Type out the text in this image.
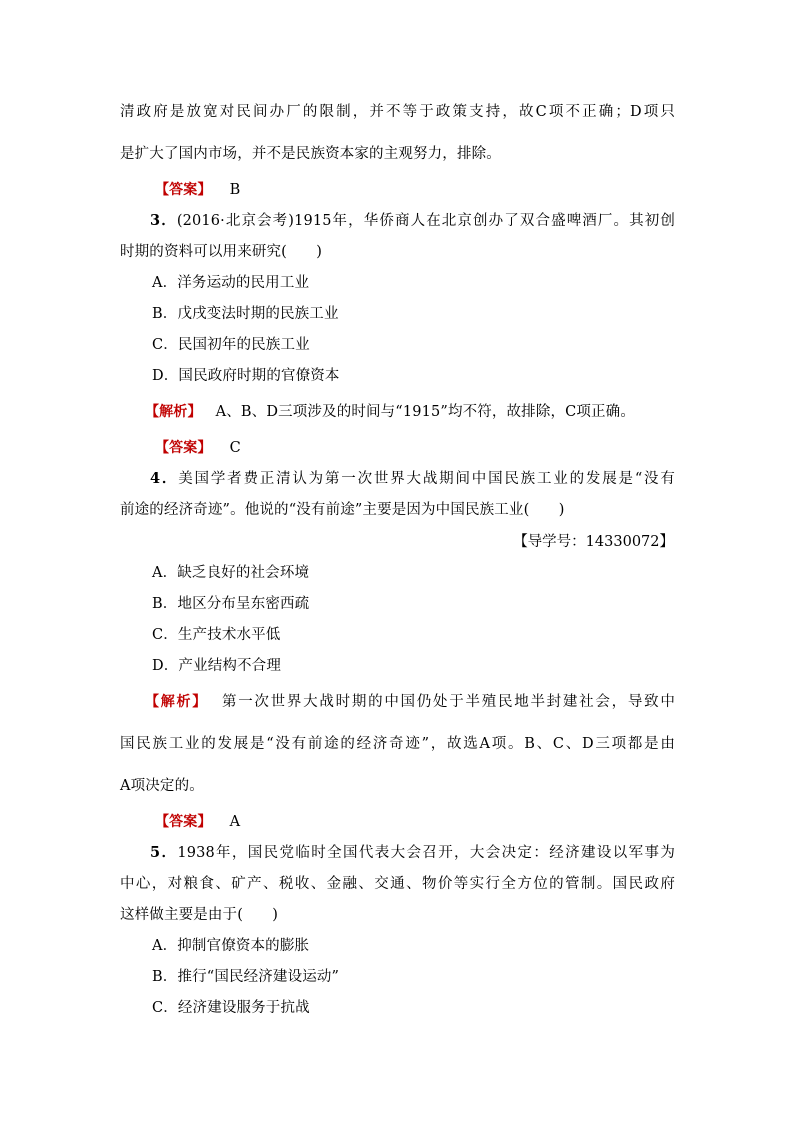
清政府是放宽对民间办厂的限制，并不等于政策支持，故C项不正确；D项只
是扩大了国内市场，并不是民族资本家的主观努力，排除。
【答案】 B
3．(2016·北京会考)1915年，华侨商人在北京创办了双合盛啤酒厂。其初创
时期的资料可以用来研究(　　)
A．洋务运动的民用工业
B．戊戌变法时期的民族工业
C．民国初年的民族工业
D．国民政府时期的官僚资本
【解析】 A、B、D三项涉及的时间与“1915”均不符，故排除，C项正确。
【答案】 C
4．美国学者费正清认为第一次世界大战期间中国民族工业的发展是“没有
前途的经济奇迹”。他说的“没有前途”主要是因为中国民族工业(　　)
【导学号：14330072】
A．缺乏良好的社会环境
B．地区分布呈东密西疏
C．生产技术水平低
D．产业结构不合理
【解析】 第一次世界大战时期的中国仍处于半殖民地半封建社会，导致中
国民族工业的发展是“没有前途的经济奇迹”，故选A项。B、C、D三项都是由
A项决定的。
【答案】 A
5．1938年，国民党临时全国代表大会召开，大会决定：经济建设以军事为
中心，对粮食、矿产、税收、金融、交通、物价等实行全方位的管制。国民政府
这样做主要是由于(　　)
A．抑制官僚资本的膨胀
B．推行“国民经济建设运动”
C．经济建设服务于抗战
